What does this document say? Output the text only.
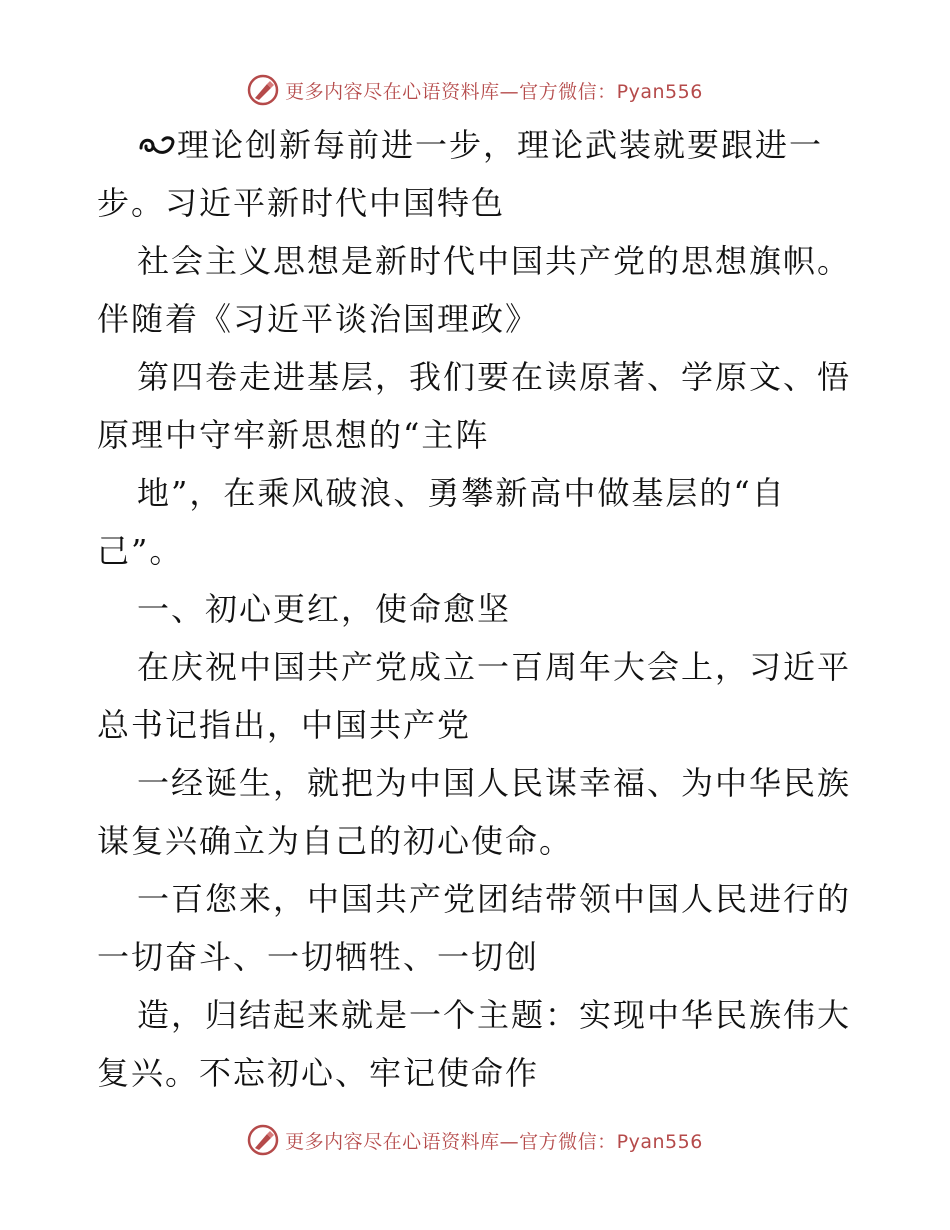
更多内容尽在心语资料库—官方微信：Pyan556
理论创新每前进一步，理论武装就要跟进一
步。习近平新时代中国特色
社会主义思想是新时代中国共产党的思想旗帜。
伴随着《习近平谈治国理政》
第四卷走进基层，我们要在读原著、学原文、悟
原理中守牢新思想的“主阵
地”，在乘风破浪、勇攀新高中做基层的“自
己”。
一、初心更红，使命愈坚
在庆祝中国共产党成立一百周年大会上，习近平
总书记指出，中国共产党
一经诞生，就把为中国人民谋幸福、为中华民族
谋复兴确立为自己的初心使命。
一百您来，中国共产党团结带领中国人民进行的
一切奋斗、一切牺牲、一切创
造，归结起来就是一个主题：实现中华民族伟大
复兴。不忘初心、牢记使命作
更多内容尽在心语资料库—官方微信：Pyan556
